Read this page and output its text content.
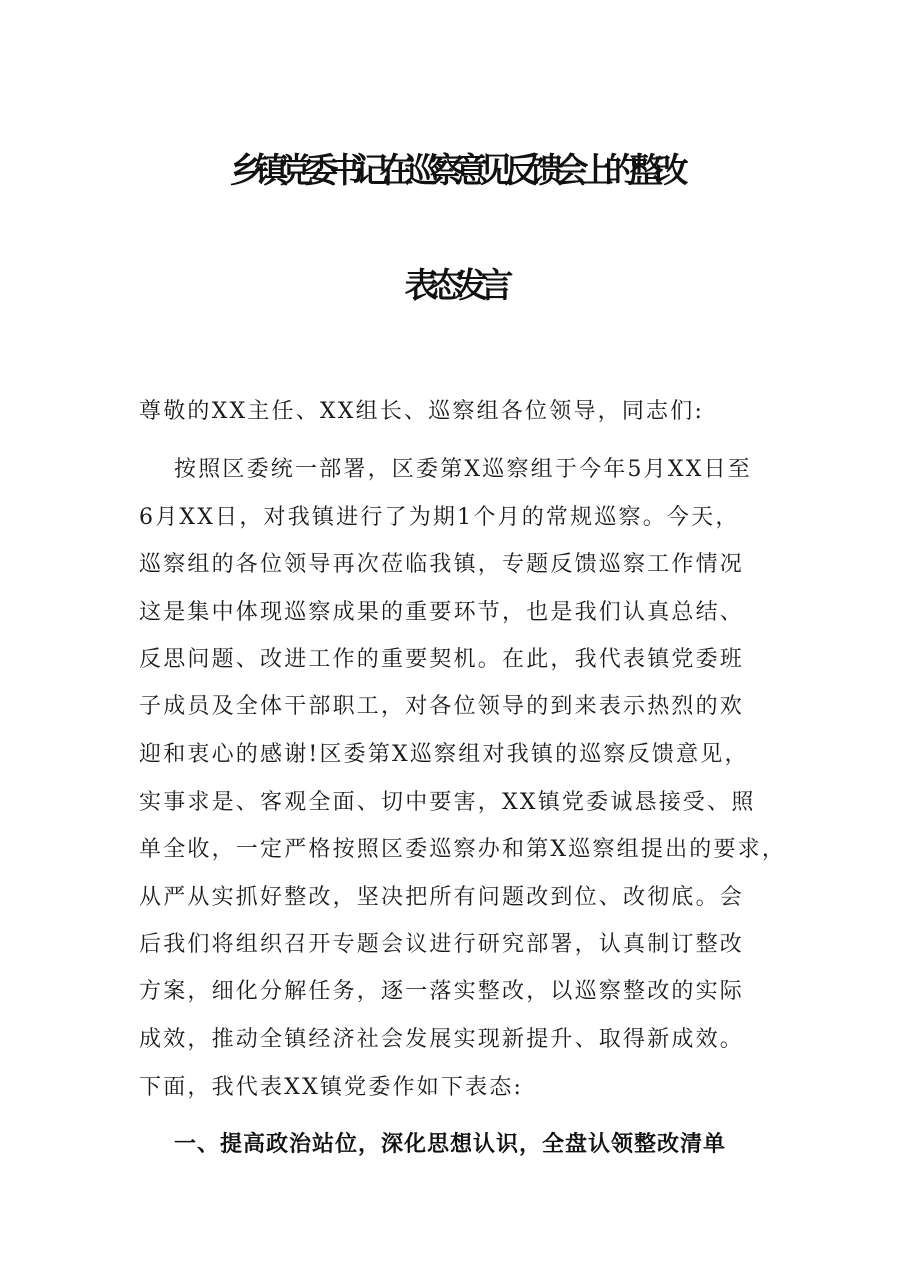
乡镇党委书记在巡察意见反馈会上的整改
表态发言
尊敬的XX主任、XX组长、巡察组各位领导，同志们:
按照区委统一部署，区委第X巡察组于今年5月XX日至
6月XX日，对我镇进行了为期1个月的常规巡察。今天，
巡察组的各位领导再次莅临我镇，专题反馈巡察工作情况
这是集中体现巡察成果的重要环节，也是我们认真总结、
反思问题、改进工作的重要契机。在此，我代表镇党委班
子成员及全体干部职工，对各位领导的到来表示热烈的欢
迎和衷心的感谢!区委第X巡察组对我镇的巡察反馈意见，
实事求是、客观全面、切中要害，XX镇党委诚恳接受、照
单全收，一定严格按照区委巡察办和第X巡察组提出的要求，
从严从实抓好整改，坚决把所有问题改到位、改彻底。会
后我们将组织召开专题会议进行研究部署，认真制订整改
方案，细化分解任务，逐一落实整改，以巡察整改的实际
成效，推动全镇经济社会发展实现新提升、取得新成效。
下面，我代表XX镇党委作如下表态:
一、提高政治站位，深化思想认识，全盘认领整改清单
